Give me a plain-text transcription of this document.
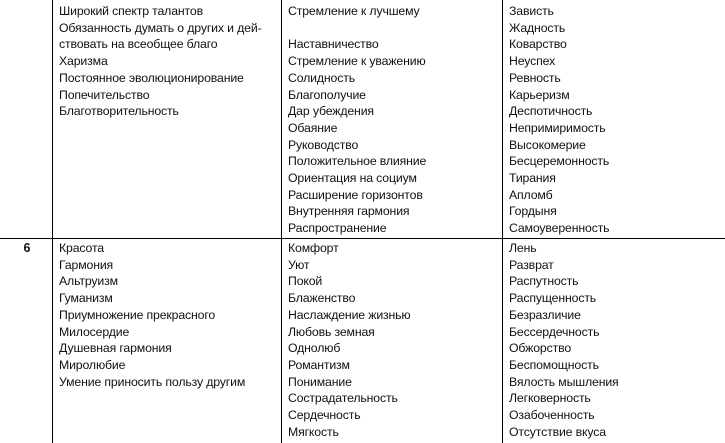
Широкий спектр талантов
Обязанность думать о других и дей-
ствовать на всеобщее благо
Харизма
Постоянное эволюционирование
Попечительство
Благотворительность
Стремление к лучшему

Наставничество
Стремление к уважению
Солидность
Благополучие
Дар убеждения
Обаяние
Руководство
Положительное влияние
Ориентация на социум
Расширение горизонтов
Внутренняя гармония
Распространение
Зависть
Жадность
Коварство
Неуспех
Ревность
Карьеризм
Деспотичность
Непримиримость
Высокомерие
Бесцеремонность
Тирания
Апломб
Гордыня
Самоуверенность
6	Красота
Гармония
Альтруизм
Гуманизм
Приумножение прекрасного
Милосердие
Душевная гармония
Миролюбие
Умение приносить пользу другим
Комфорт
Уют
Покой
Блаженство
Наслаждение жизнью
Любовь земная
Однолюб
Романтизм
Понимание
Сострадательность
Сердечность
Мягкость
Лень
Разврат
Распутность
Распущенность
Безразличие
Бессердечность
Обжорство
Беспомощность
Вялость мышления
Легковерность
Озабоченность
Отсутствие вкуса
